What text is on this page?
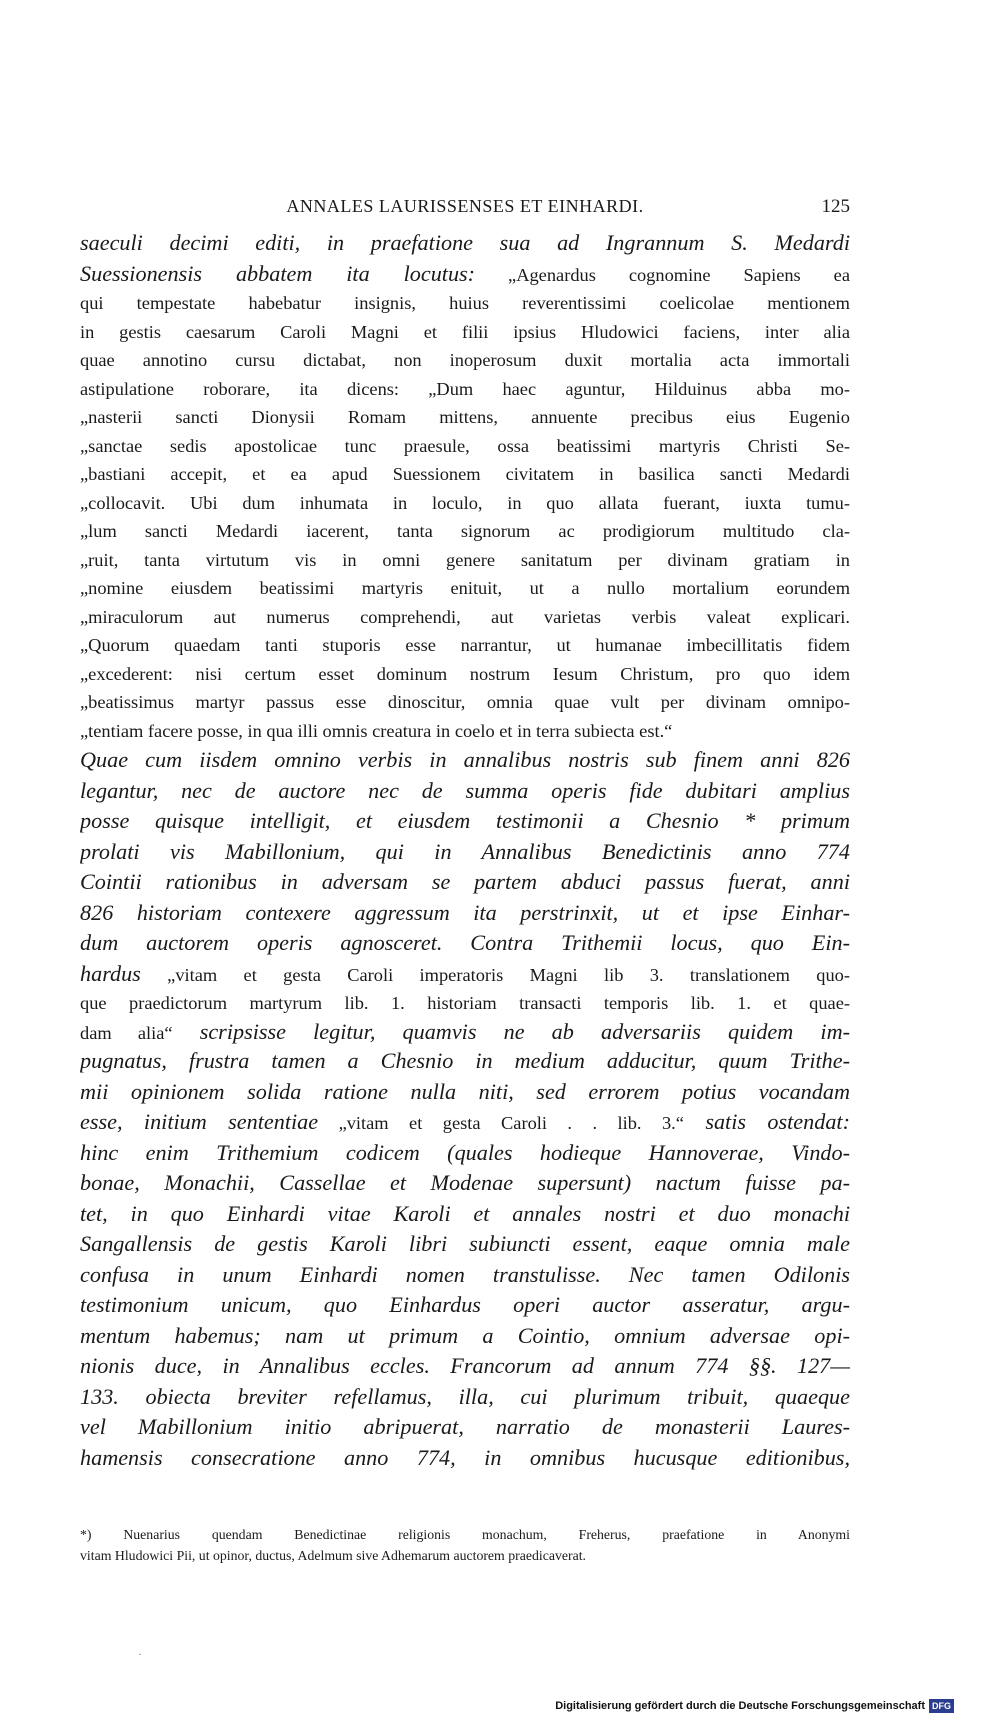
ANNALES LAURISSENSES ET EINHARDI.	125
saeculi decimi editi, in praefatione sua ad Ingrannum S. Medardi
Suessionensis abbatem ita locutus: „Agenardus cognomine Sapiens ea
qui tempestate habebatur insignis, huius reverentissimi coelicolae mentionem
in gestis caesarum Caroli Magni et filii ipsius Hludowici faciens, inter alia
quae annotino cursu dictabat, non inoperosum duxit mortalia acta immortali
astipulatione roborare, ita dicens: „Dum haec aguntur, Hilduinus abba mo-
„nasterii sancti Dionysii Romam mittens, annuente precibus eius Eugenio
„sanctae sedis apostolicae tunc praesule, ossa beatissimi martyris Christi Se-
„bastiani accepit, et ea apud Suessionem civitatem in basilica sancti Medardi
„collocavit. Ubi dum inhumata in loculo, in quo allata fuerant, iuxta tumu-
„lum sancti Medardi iacerent, tanta signorum ac prodigiorum multitudo cla-
„ruit, tanta virtutum vis in omni genere sanitatum per divinam gratiam in
„nomine eiusdem beatissimi martyris enituit, ut a nullo mortalium eorundem
„miraculorum aut numerus comprehendi, aut varietas verbis valeat explicari.
„Quorum quaedam tanti stuporis esse narrantur, ut humanae imbecillitatis fidem
„excederent: nisi certum esset dominum nostrum Iesum Christum, pro quo idem
„beatissimus martyr passus esse dinoscitur, omnia quae vult per divinam omnipo-
„tentiam facere posse, in qua illi omnis creatura in coelo et in terra subiecta est.“
Quae cum iisdem omnino verbis in annalibus nostris sub finem anni 826
legantur, nec de auctore nec de summa operis fide dubitari amplius
posse quisque intelligit, et eiusdem testimonii a Chesnio * primum
prolati vis Mabillonium, qui in Annalibus Benedictinis anno 774
Cointii rationibus in adversam se partem abduci passus fuerat, anni
826 historiam contexere aggressum ita perstrinxit, ut et ipse Einhar-
dum auctorem operis agnosceret. Contra Trithemii locus, quo Ein-
hardus „vitam et gesta Caroli imperatoris Magni lib 3. translationem quo-
que praedictorum martyrum lib. 1. historiam transacti temporis lib. 1. et quae-
dam alia“ scripsisse legitur, quamvis ne ab adversariis quidem im-
pugnatus, frustra tamen a Chesnio in medium adducitur, quum Trithe-
mii opinionem solida ratione nulla niti, sed errorem potius vocandam
esse, initium sententiae „vitam et gesta Caroli . . lib. 3.“ satis ostendat:
hinc enim Trithemium codicem (quales hodieque Hannoverae, Vindo-
bonae, Monachii, Cassellae et Modenae supersunt) nactum fuisse pa-
tet, in quo Einhardi vitae Karoli et annales nostri et duo monachi
Sangallensis de gestis Karoli libri subiuncti essent, eaque omnia male
confusa in unum Einhardi nomen transtulisse. Nec tamen Odilonis
testimonium unicum, quo Einhardus operi auctor asseratur, argu-
mentum habemus; nam ut primum a Cointio, omnium adversae opi-
nionis duce, in Annalibus eccles. Francorum ad annum 774 §§. 127—
133. obiecta breviter refellamus, illa, cui plurimum tribuit, quaeque
vel Mabillonium initio abripuerat, narratio de monasterii Laures-
hamensis consecratione anno 774, in omnibus hucusque editionibus,
*) Nuenarius quendam Benedictinae religionis monachum, Freherus, praefatione in Anonymi
vitam Hludowici Pii, ut opinor, ductus, Adelmum sive Adhemarum auctorem praedicaverat.
·
Digitalisierung gefördert durch die Deutsche Forschungsgemeinschaft DFG
